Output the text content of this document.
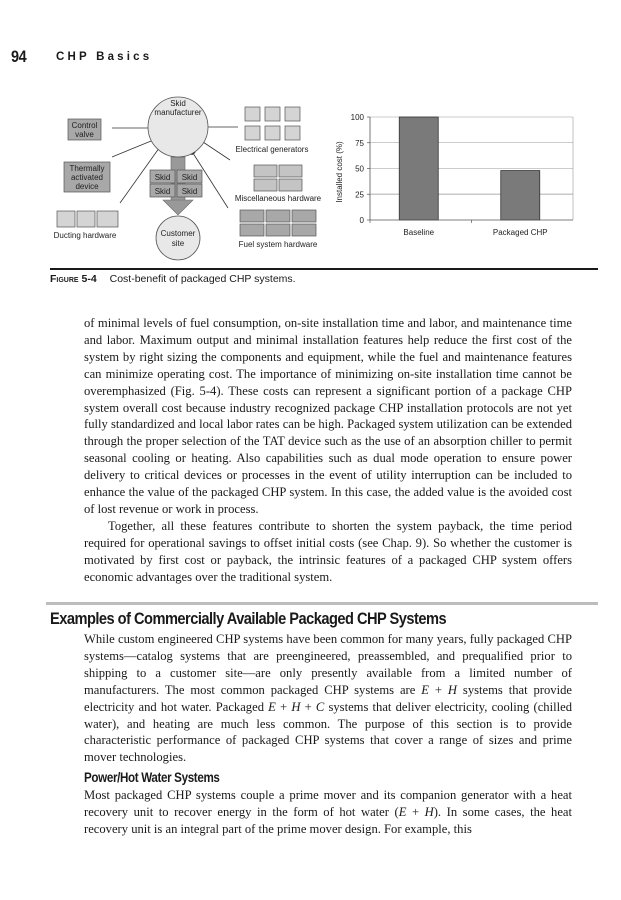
94	CHP Basics
Skid
manufacturer
Skid Skid
Skid Skid
Customer
site
Control
valve
Thermally
activated
device
Ducting hardware
Electrical generators
Miscellaneous hardware
Fuel system hardware
Installed cost (%)
0
25
50
75
100
Baseline	Packaged CHP
Figure 5-4 Cost-benefit of packaged CHP systems.

of minimal levels of fuel consumption, on-site installation time and labor, and maintenance time and labor. Maximum output and minimal installation features help reduce the first cost of the system by right sizing the components and equipment, while the fuel and maintenance features can minimize operating cost. The importance of minimizing on-site installation time cannot be overemphasized (Fig. 5-4). These costs can represent a significant portion of a package CHP system overall cost because industry recognized package CHP installation protocols are not yet fully standardized and local labor rates can be high. Packaged system utilization can be extended through the proper selection of the TAT device such as the use of an absorption chiller to permit seasonal cooling or heating. Also capabilities such as dual mode operation to ensure power delivery to critical devices or processes in the event of utility interruption can be included to enhance the value of the packaged CHP system. In this case, the added value is the avoided cost of lost revenue or work in process.

Together, all these features contribute to shorten the system payback, the time period required for operational savings to offset initial costs (see Chap. 9). So whether the customer is motivated by first cost or payback, the intrinsic features of a packaged CHP system offers economic advantages over the traditional system.

Examples of Commercially Available Packaged CHP Systems

While custom engineered CHP systems have been common for many years, fully packaged CHP systems—catalog systems that are preengineered, preassembled, and prequalified prior to shipping to a customer site—are only presently available from a limited number of manufacturers. The most common packaged CHP systems are E + H systems that provide electricity and hot water. Packaged E + H + C systems that deliver electricity, cooling (chilled water), and heating are much less common. The purpose of this section is to provide characteristic performance of packaged CHP systems that cover a range of sizes and prime mover technologies.

Power/Hot Water Systems

Most packaged CHP systems couple a prime mover and its companion generator with a heat recovery unit to recover energy in the form of hot water (E + H). In some cases, the heat recovery unit is an integral part of the prime mover design. For example, this
